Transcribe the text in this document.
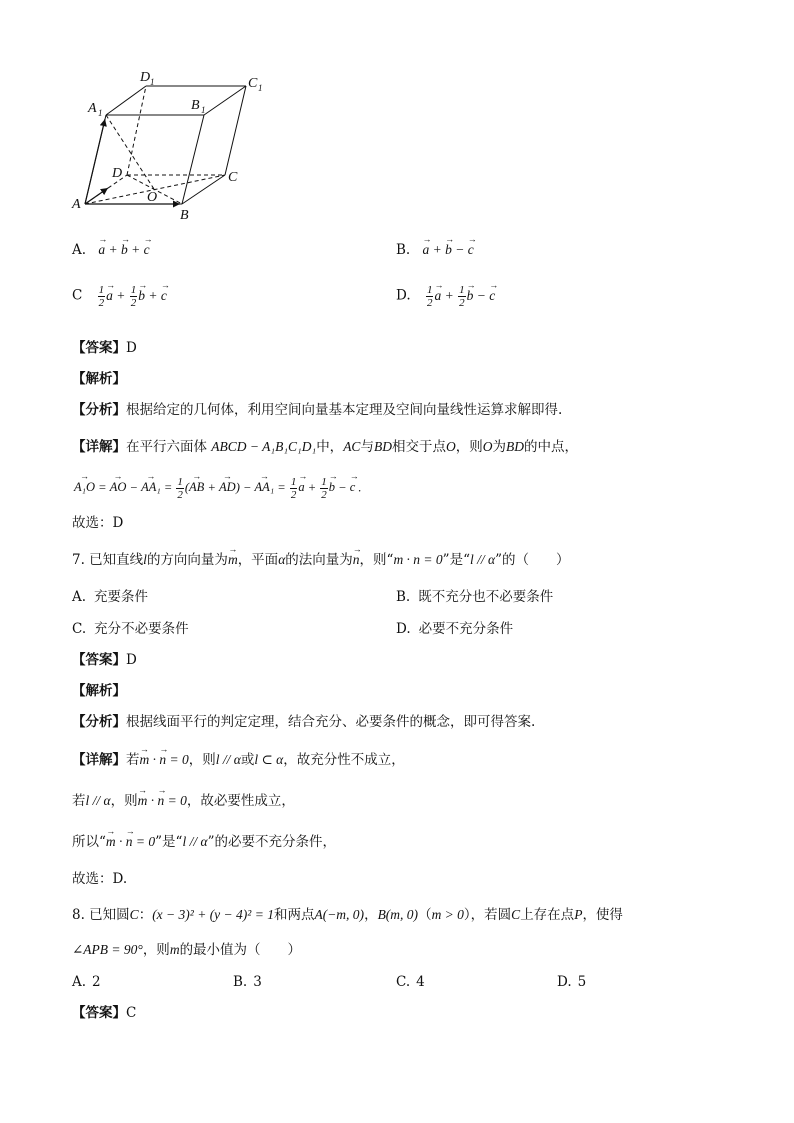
A
B
C
D
O
A 1	B 1
C 1
D 1
A. → a + → b + → c	B. → a + → b − → c
C $\frac{1}{2}$
→ $a + \frac{1}{2}$
→ b + → c	D. $\frac{1}{2}$
→ $a + \frac{1}{2}$
→ b − → c
【答案】D
【解析】
【分析】根据给定的几何体，利用空间向量基本定理及空间向量线性运算求解即得.
【详解】在平行六面体 ABCD − A₁B₁C₁D₁中，AC与BD相交于点O，则O为BD的中点，
→ A₁O = → AO − → $AA_1 = \frac{1}{2}$ (→ AB + → AD) − → $AA_1 = \frac{1}{2}$
→ $a + \frac{1}{2}$
→ b − → c .
故选：D
7. 已知直线l的方向向量为→ m，平面α的法向量为→ n，则“m · n = 0”是“l // α”的（　　）
A. 充要条件	B. 既不充分也不必要条件
C. 充分不必要条件	D. 必要不充分条件
【答案】D
【解析】
【分析】根据线面平行的判定定理，结合充分、必要条件的概念，即可得答案.
【详解】若→ m · → n = 0，则l // α或l ⊂ α，故充分性不成立，
若l // α，则→ m · → n = 0，故必要性成立，
所以“→ m · → n = 0”是“l // α”的必要不充分条件，
故选：D.
8. 已知圆C：(x − 3)² + (y − 4)² = 1和两点A(−m, 0)，B(m, 0)（m > 0），若圆C上存在点P，使得
∠APB = 90°，则m的最小值为（　　）
A. 2	B. 3	C. 4	D. 5
【答案】C
